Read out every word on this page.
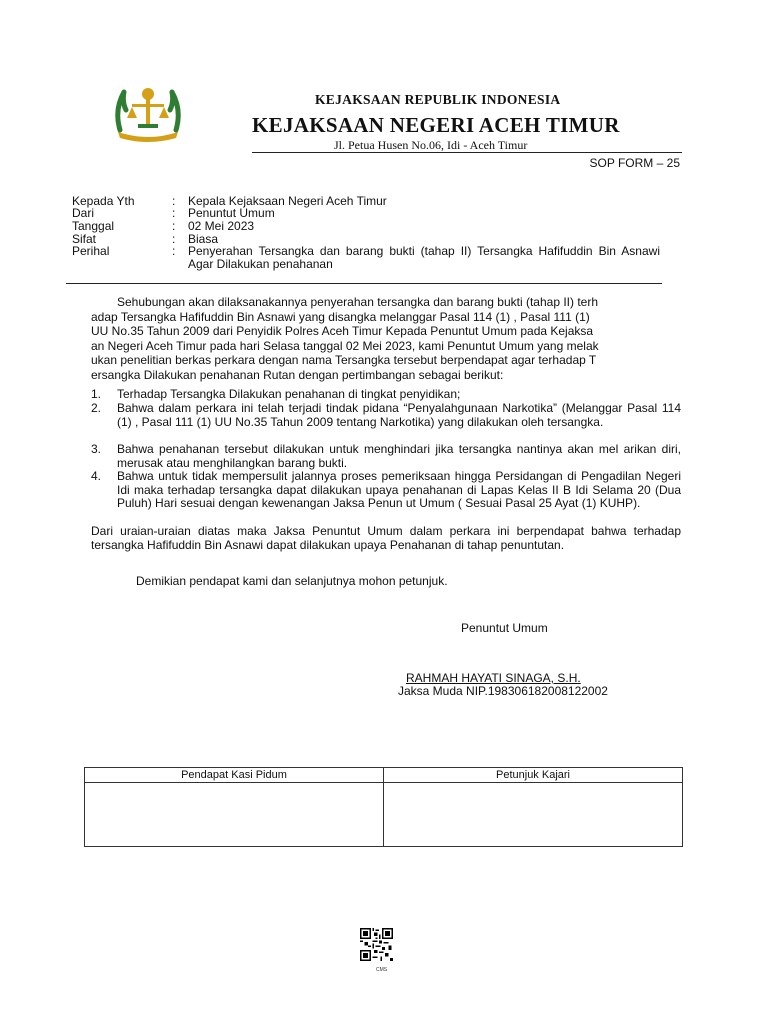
KEJAKSAAN REPUBLIK INDONESIA
KEJAKSAAN NEGERI ACEH TIMUR
Jl. Petua Husen No.06, Idi - Aceh Timur
SOP FORM – 25
Kepada Yth	: Kepala Kejaksaan Negeri Aceh Timur
Dari	: Penuntut Umum
Tanggal	: 02 Mei 2023
Sifat	: Biasa
Perihal	: Penyerahan Tersangka dan barang bukti (tahap II) Tersangka Hafifuddin Bin Asnawi Agar Dilakukan penahanan
Sehubungan akan dilaksanakannya penyerahan tersangka dan barang bukti (tahap II) terh
adap Tersangka Hafifuddin Bin Asnawi yang disangka melanggar Pasal 114 (1) , Pasal 111 (1)
UU No.35 Tahun 2009 dari Penyidik Polres Aceh Timur Kepada Penuntut Umum pada Kejaksa
an Negeri Aceh Timur pada hari Selasa tanggal 02 Mei 2023, kami Penuntut Umum yang melak
ukan penelitian berkas perkara dengan nama Tersangka tersebut berpendapat agar terhadap T
ersangka Dilakukan penahanan Rutan dengan pertimbangan sebagai berikut:
1. Terhadap Tersangka Dilakukan penahanan di tingkat penyidikan;
2. Bahwa dalam perkara ini telah terjadi tindak pidana “Penyalahgunaan Narkotika” (Melanggar Pasal 114 (1) , Pasal 111 (1) UU No.35 Tahun 2009 tentang Narkotika) yang dilakukan oleh tersangka.
3. Bahwa penahanan tersebut dilakukan untuk menghindari jika tersangka nantinya akan mel arikan diri, merusak atau menghilangkan barang bukti.
4. Bahwa untuk tidak mempersulit jalannya proses pemeriksaan hingga Persidangan di Pengadilan Negeri Idi maka terhadap tersangka dapat dilakukan upaya penahanan di Lapas Kelas II B Idi Selama 20 (Dua Puluh) Hari sesuai dengan kewenangan Jaksa Penun ut Umum ( Sesuai Pasal 25 Ayat (1) KUHP).
Dari uraian-uraian diatas maka Jaksa Penuntut Umum dalam perkara ini berpendapat bahwa terhadap tersangka Hafifuddin Bin Asnawi dapat dilakukan upaya Penahanan di tahap penuntutan.
Demikian pendapat kami dan selanjutnya mohon petunjuk.
Penuntut Umum
RAHMAH HAYATI SINAGA, S.H.
Jaksa Muda NIP.198306182008122002
Pendapat Kasi Pidum	Petunjuk Kajari

CMS
